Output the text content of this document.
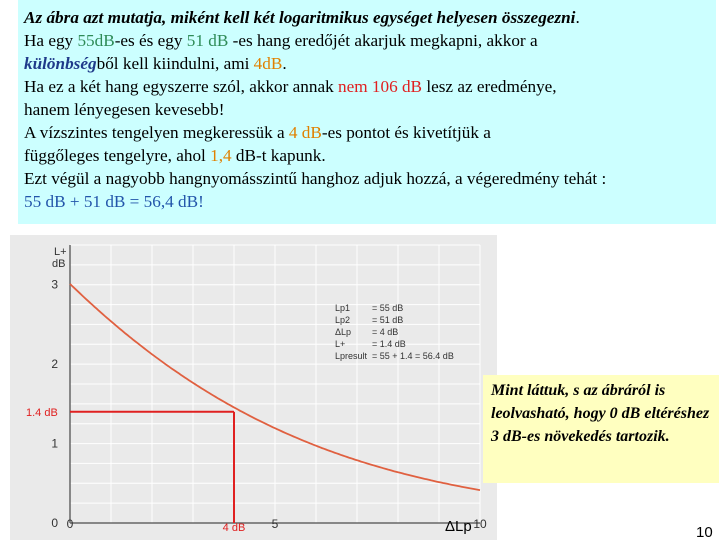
Az ábra azt mutatja, miként kell két logaritmikus egységet helyesen összegezni.

Ha egy 55dB-es és egy 51 dB -es hang eredőjét akarjuk megkapni, akkor a

különbségből kell kiindulni, ami 4dB.

Ha ez a két hang egyszerre szól, akkor annak nem 106 dB lesz az eredménye,

hanem lényegesen kevesebb!

A vízszintes tengelyen megkeressük a 4 dB-es pontot és kivetítjük a

függőleges tengelyre, ahol 1,4 dB-t kapunk.

Ezt végül a nagyobb hangnyomásszintű hanghoz adjuk hozzá, a végeredmény tehát :

55 dB + 51 dB = 56,4 dB!

0	5	10
0
1
2
3
L+
dB
1.4 dB
4 dB
Lp1 = 55 dB
Lp2 = 51 dB
ΔLp = 4 dB
L+	= 1.4 dB
Lpresult = 55 + 1.4 = 56.4 dB
Mint láttuk, s az ábráról is leolvasható, hogy 0 dB eltéréshez 3 dB-es növekedés tartozik.
ΔLp	10
